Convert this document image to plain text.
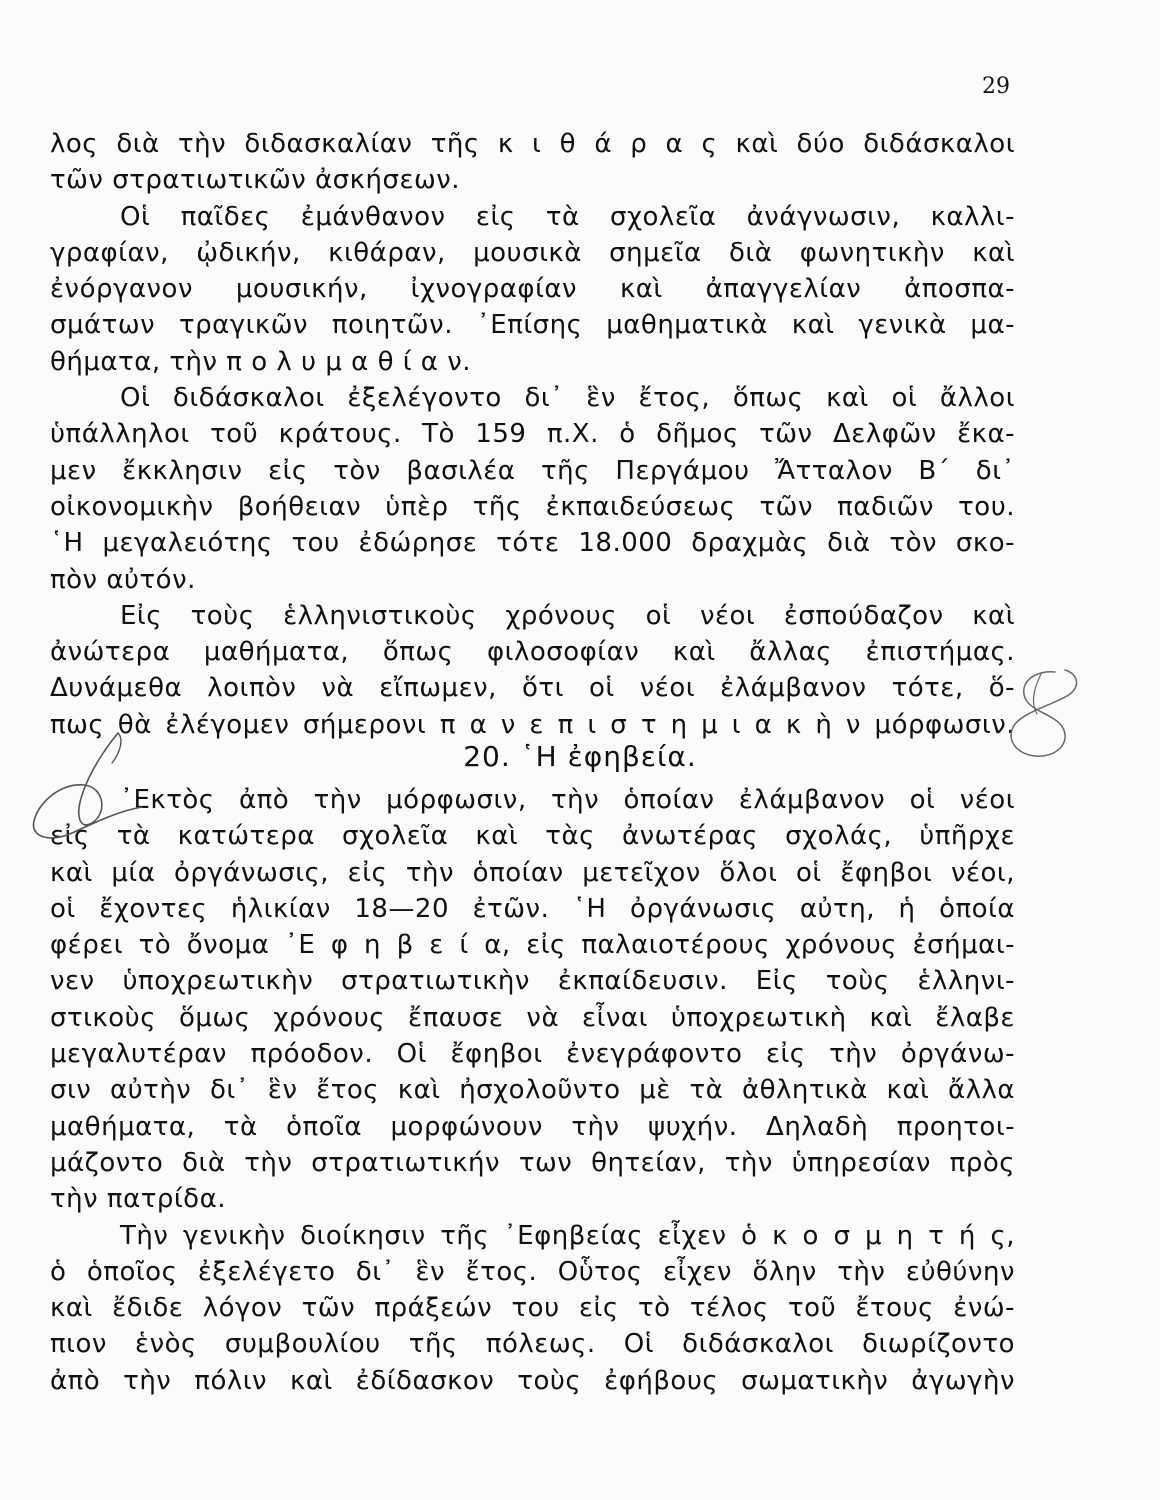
29
λος διὰ τὴν διδασκαλίαν τῆς κ ι θ ά ρ α ς καὶ δύο διδάσκαλοι
τῶν στρατιωτικῶν ἀσκήσεων.
Οἱ παῖδες ἐμάνθανον εἰς τὰ σχολεῖα ἀνάγνωσιν, καλλι-
γραφίαν, ᾠδικήν, κιθάραν, μουσικὰ σημεῖα διὰ φωνητικὴν καὶ
ἐνόργανον μουσικήν, ἰχνογραφίαν καὶ ἀπαγγελίαν ἀποσπα-
σμάτων τραγικῶν ποιητῶν. ᾿Επίσης μαθηματικὰ καὶ γενικὰ μα-
θήματα, τὴν π ο λ υ μ α θ ί α ν.
Οἱ διδάσκαλοι ἐξελέγοντο δι᾿ ἓν ἔτος, ὅπως καὶ οἱ ἄλλοι
ὑπάλληλοι τοῦ κράτους. Τὸ 159 π.Χ. ὁ δῆμος τῶν Δελφῶν ἔκα-
μεν ἔκκλησιν εἰς τὸν βασιλέα τῆς Περγάμου Ἄτταλον Β΄ δι᾿
οἰκονομικὴν βοήθειαν ὑπὲρ τῆς ἐκπαιδεύσεως τῶν παδιῶν του.
῾Η μεγαλειότης του ἐδώρησε τότε 18.000 δραχμὰς διὰ τὸν σκο-
πὸν αὐτόν.
Εἰς τοὺς ἑλληνιστικοὺς χρόνους οἱ νέοι ἐσπούδαζον καὶ
ἀνώτερα μαθήματα, ὅπως φιλοσοφίαν καὶ ἄλλας ἐπιστήμας.
Δυνάμεθα λοιπὸν νὰ εἴπωμεν, ὅτι οἱ νέοι ἐλάμβανον τότε, ὅ-
πως θὰ ἐλέγομεν σήμερονι π α ν ε π ι σ τ η μ ι α κ ὴ ν μόρφωσιν.
20. ῾Η ἐφηβεία.
᾿Εκτὸς ἀπὸ τὴν μόρφωσιν, τὴν ὁποίαν ἐλάμβανον οἱ νέοι
εἰς τὰ κατώτερα σχολεῖα καὶ τὰς ἀνωτέρας σχολάς, ὑπῆρχε
καὶ μία ὀργάνωσις, εἰς τὴν ὁποίαν μετεῖχον ὅλοι οἱ ἔφηβοι νέοι,
οἱ ἔχοντες ἡλικίαν 18—20 ἐτῶν. ῾Η ὀργάνωσις αὐτη, ἡ ὁποία
φέρει τὸ ὄνομα ᾿Ε φ η β ε ί α, εἰς παλαιοτέρους χρόνους ἐσήμαι-
νεν ὑποχρεωτικὴν στρατιωτικὴν ἐκπαίδευσιν. Εἰς τοὺς ἑλληνι-
στικοὺς ὅμως χρόνους ἔπαυσε νὰ εἶναι ὑποχρεωτικὴ καὶ ἔλαβε
μεγαλυτέραν πρόοδον. Οἱ ἔφηβοι ἐνεγράφοντο εἰς τὴν ὀργάνω-
σιν αὐτὴν δι᾿ ἓν ἔτος καὶ ἠσχολοῦντο μὲ τὰ ἀθλητικὰ καὶ ἄλλα
μαθήματα, τὰ ὁποῖα μορφώνουν τὴν ψυχήν. Δηλαδὴ προητοι-
μάζοντο διὰ τὴν στρατιωτικήν των θητείαν, τὴν ὑπηρεσίαν πρὸς
τὴν πατρίδα.
Τὴν γενικὴν διοίκησιν τῆς ᾿Εφηβείας εἶχεν ὁ κ ο σ μ η τ ή ς,
ὁ ὁποῖος ἐξελέγετο δι᾿ ἓν ἔτος. Οὗτος εἶχεν ὅλην τὴν εὐθύνην
καὶ ἔδιδε λόγον τῶν πράξεών του εἰς τὸ τέλος τοῦ ἔτους ἐνώ-
πιον ἑνὸς συμβουλίου τῆς πόλεως. Οἱ διδάσκαλοι διωρίζοντο
ἀπὸ τὴν πόλιν καὶ ἐδίδασκον τοὺς ἐφήβους σωματικὴν ἀγωγὴν
